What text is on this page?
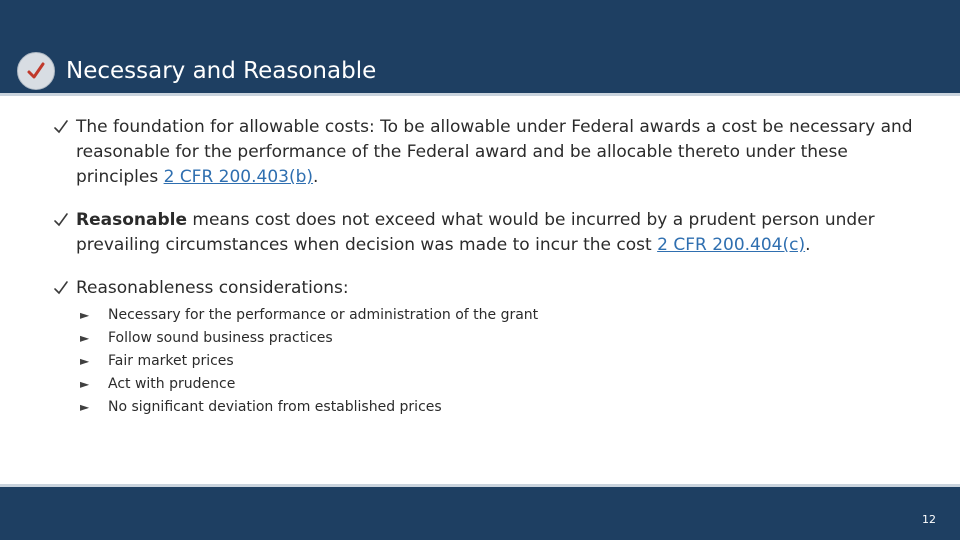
Necessary and Reasonable
The foundation for allowable costs: To be allowable under Federal awards a cost be necessary and reasonable for the performance of the Federal award and be allocable thereto under these principles 2 CFR 200.403(b).
Reasonable means cost does not exceed what would be incurred by a prudent person under prevailing circumstances when decision was made to incur the cost 2 CFR 200.404(c).
Reasonableness considerations:
► Necessary for the performance or administration of the grant
► Follow sound business practices
► Fair market prices
► Act with prudence
► No significant deviation from established prices
12
